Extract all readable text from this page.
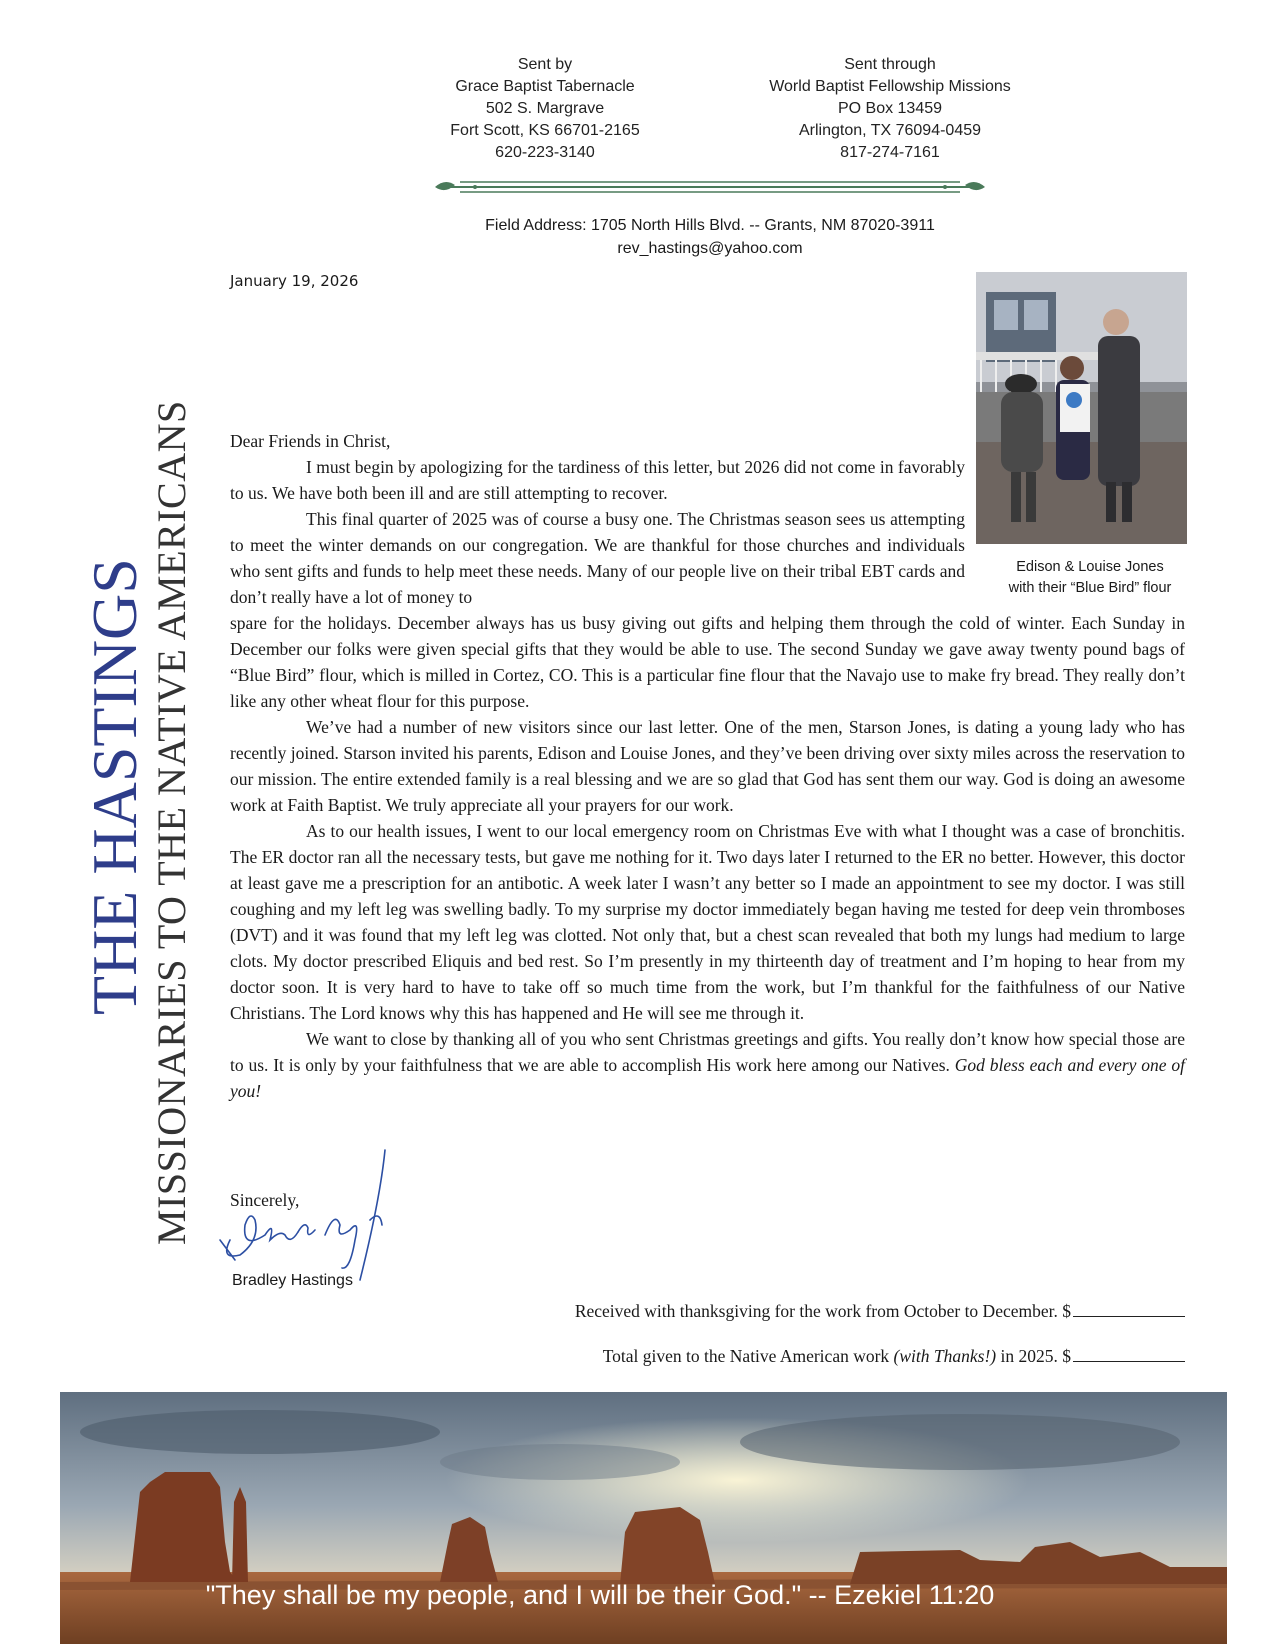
Sent by
Grace Baptist Tabernacle
502 S. Margrave
Fort Scott, KS 66701-2165
620-223-3140
Sent through
World Baptist Fellowship Missions
PO Box 13459
Arlington, TX 76094-0459
817-274-7161
Field Address: 1705 North Hills Blvd. -- Grants, NM 87020-3911
rev_hastings@yahoo.com
THE HASTINGS MISSIONARIES TO THE NATIVE AMERICANS
January 19, 2026
Edison & Louise Jones
with their “Blue Bird” flour

Dear Friends in Christ,

I must begin by apologizing for the tardiness of this letter, but 2026 did not come in favorably to us. We have both been ill and are still attempting to recover.

This final quarter of 2025 was of course a busy one. The Christmas season sees us attempting to meet the winter demands on our congregation. We are thankful for those churches and individuals who sent gifts and funds to help meet these needs. Many of our people live on their tribal EBT cards and don’t really have a lot of money to

spare for the holidays. December always has us busy giving out gifts and helping them through the cold of winter. Each Sunday in December our folks were given special gifts that they would be able to use. The second Sunday we gave away twenty pound bags of “Blue Bird” flour, which is milled in Cortez, CO. This is a particular fine flour that the Navajo use to make fry bread. They really don’t like any other wheat flour for this purpose.

We’ve had a number of new visitors since our last letter. One of the men, Starson Jones, is dating a young lady who has recently joined. Starson invited his parents, Edison and Louise Jones, and they’ve been driving over sixty miles across the reservation to our mission. The entire extended family is a real blessing and we are so glad that God has sent them our way. God is doing an awesome work at Faith Baptist. We truly appreciate all your prayers for our work.

As to our health issues, I went to our local emergency room on Christmas Eve with what I thought was a case of bronchitis. The ER doctor ran all the necessary tests, but gave me nothing for it. Two days later I returned to the ER no better. However, this doctor at least gave me a prescription for an antibotic. A week later I wasn’t any better so I made an appointment to see my doctor. I was still coughing and my left leg was swelling badly. To my surprise my doctor immediately began having me tested for deep vein thromboses (DVT) and it was found that my left leg was clotted. Not only that, but a chest scan revealed that both my lungs had medium to large clots. My doctor prescribed Eliquis and bed rest. So I’m presently in my thirteenth day of treatment and I’m hoping to hear from my doctor soon. It is very hard to have to take off so much time from the work, but I’m thankful for the faithfulness of our Native Christians. The Lord knows why this has happened and He will see me through it.

We want to close by thanking all of you who sent Christmas greetings and gifts. You really don’t know how special those are to us. It is only by your faithfulness that we are able to accomplish His work here among our Natives. God bless each and every one of you!

Sincerely,
Bradley Hastings
Received with thanksgiving for the work from October to December. $
Total given to the Native American work (with Thanks!) in 2025. $
"They shall be my people, and I will be their God." -- Ezekiel 11:20
